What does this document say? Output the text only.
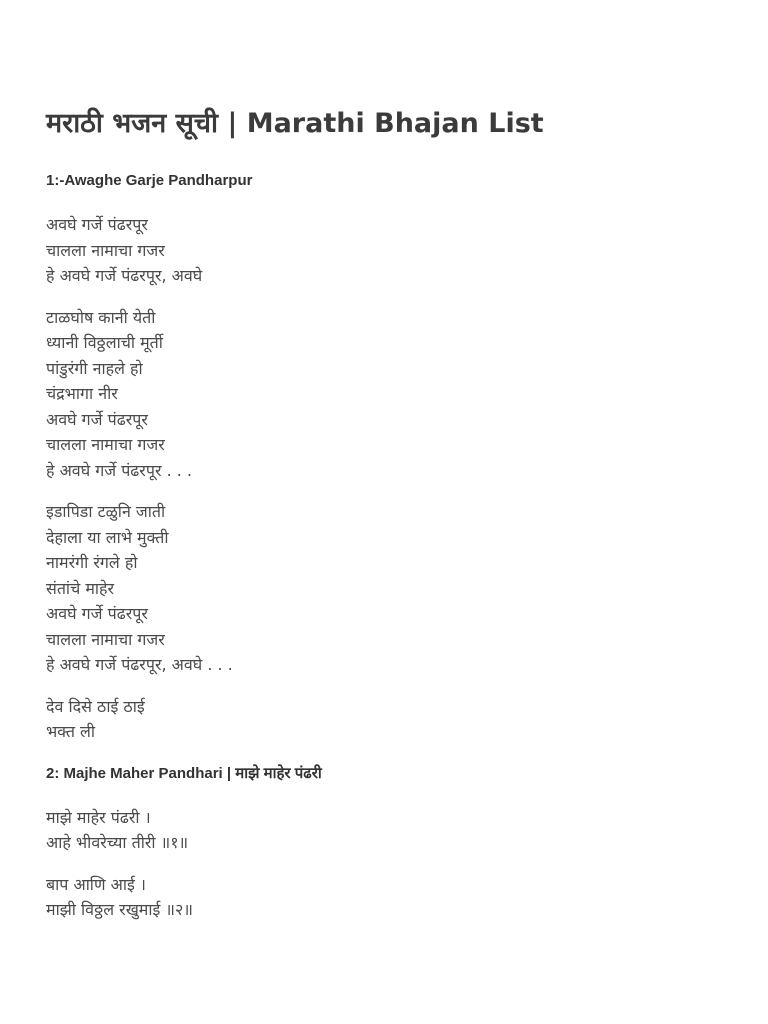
मराठी भजन सूची | Marathi Bhajan List
1:-Awaghe Garje Pandharpur

अवघे गर्जे पंढरपूर
चालला नामाचा गजर
हे अवघे गर्जे पंढरपूर, अवघे

टाळघोष कानी येती
ध्यानी विठ्ठलाची मूर्ती
पांडुरंगी नाहले हो
चंद्रभागा नीर
अवघे गर्जे पंढरपूर
चालला नामाचा गजर
हे अवघे गर्जे पंढरपूर . . .

इडापिडा टळुनि जाती
देहाला या लाभे मुक्ती
नामरंगी रंगले हो
संतांचे माहेर
अवघे गर्जे पंढरपूर
चालला नामाचा गजर
हे अवघे गर्जे पंढरपूर, अवघे . . .

देव दिसे ठाई ठाई
भक्त ली

2: Majhe Maher Pandhari | माझे माहेर पंढरी

माझे माहेर पंढरी ।
आहे भीवरेच्या तीरी ॥१॥

बाप आणि आई ।
माझी विठ्ठल रखुमाई ॥२॥
